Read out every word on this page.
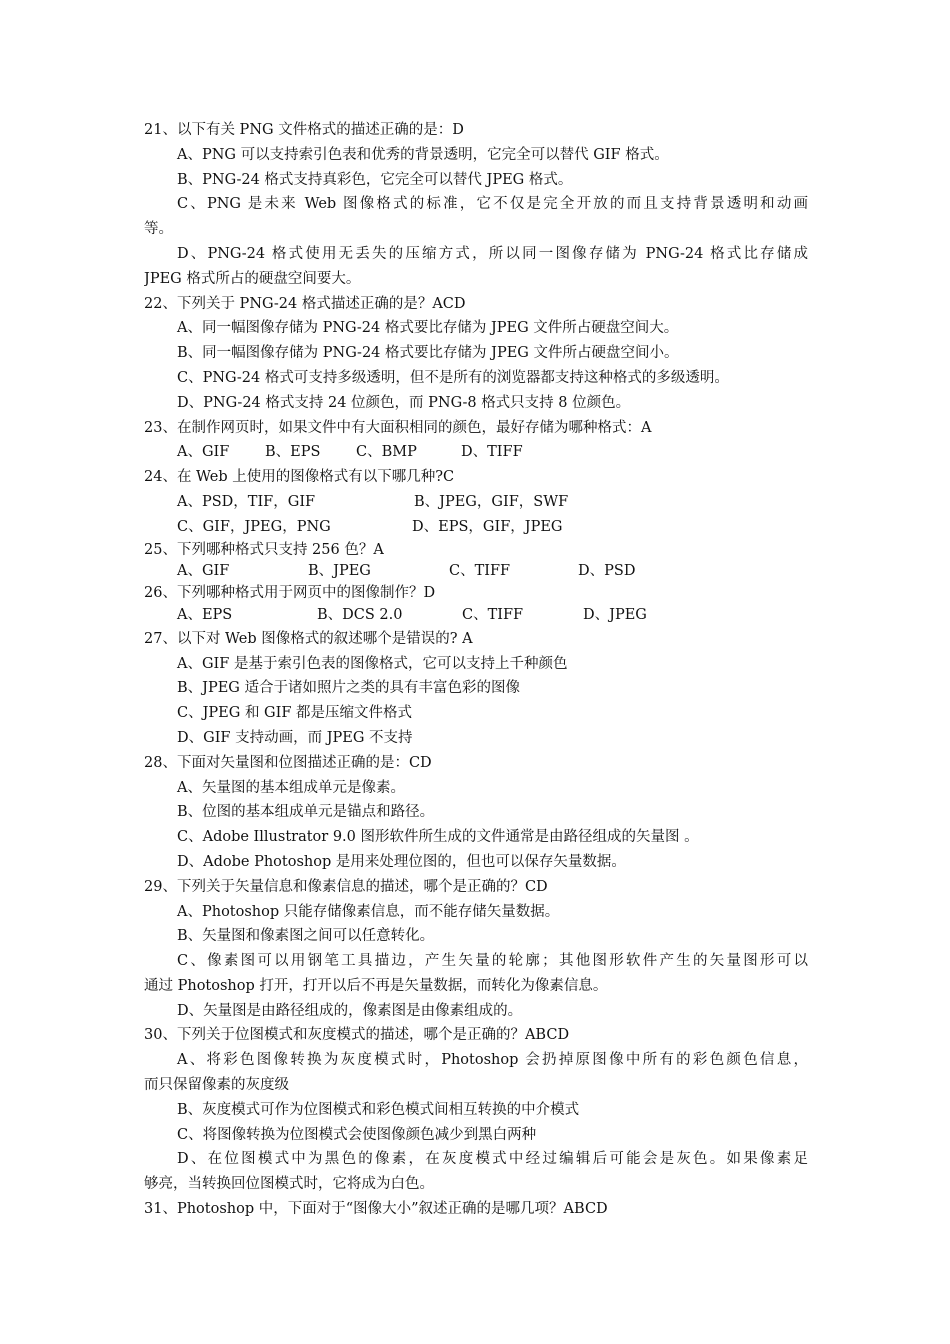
21、以下有关 PNG 文件格式的描述正确的是：D
A、PNG 可以支持索引色表和优秀的背景透明，它完全可以替代 GIF 格式。
B、PNG-24 格式支持真彩色，它完全可以替代 JPEG 格式。
C、PNG 是未来 Web 图像格式的标准，它不仅是完全开放的而且支持背景透明和动画
等。
D、PNG-24 格式使用无丢失的压缩方式，所以同一图像存储为 PNG-24 格式比存储成
JPEG 格式所占的硬盘空间要大。
22、下列关于 PNG-24 格式描述正确的是？ACD
A、同一幅图像存储为 PNG-24 格式要比存储为 JPEG 文件所占硬盘空间大。
B、同一幅图像存储为 PNG-24 格式要比存储为 JPEG 文件所占硬盘空间小。
C、PNG-24 格式可支持多级透明，但不是所有的浏览器都支持这种格式的多级透明。
D、PNG-24 格式支持 24 位颜色，而 PNG-8 格式只支持 8 位颜色。
23、在制作网页时，如果文件中有大面积相同的颜色，最好存储为哪种格式：A
A、GIF	B、EPS	C、BMP	D、TIFF
24、在 Web 上使用的图像格式有以下哪几种?C
A、PSD，TIF，GIF	B、JPEG，GIF，SWF
C、GIF，JPEG，PNG	D、EPS，GIF，JPEG
25、下列哪种格式只支持 256 色？A
A、GIF	B、JPEG	C、TIFF	D、PSD
26、下列哪种格式用于网页中的图像制作？D
A、EPS	B、DCS 2.0	C、TIFF	D、JPEG
27、以下对 Web 图像格式的叙述哪个是错误的? A
A、GIF 是基于索引色表的图像格式，它可以支持上千种颜色
B、JPEG 适合于诸如照片之类的具有丰富色彩的图像
C、JPEG 和 GIF 都是压缩文件格式
D、GIF 支持动画，而 JPEG 不支持
28、下面对矢量图和位图描述正确的是：CD
A、矢量图的基本组成单元是像素。
B、位图的基本组成单元是锚点和路径。
C、Adobe Illustrator 9.0 图形软件所生成的文件通常是由路径组成的矢量图 。
D、Adobe Photoshop 是用来处理位图的，但也可以保存矢量数据。
29、下列关于矢量信息和像素信息的描述，哪个是正确的？CD
A、Photoshop 只能存储像素信息，而不能存储矢量数据。
B、矢量图和像素图之间可以任意转化。
C、像素图可以用钢笔工具描边，产生矢量的轮廓；其他图形软件产生的矢量图形可以
通过 Photoshop 打开，打开以后不再是矢量数据，而转化为像素信息。
D、矢量图是由路径组成的，像素图是由像素组成的。
30、下列关于位图模式和灰度模式的描述，哪个是正确的？ABCD
A、将彩色图像转换为灰度模式时，Photoshop 会扔掉原图像中所有的彩色颜色信息，
而只保留像素的灰度级
B、灰度模式可作为位图模式和彩色模式间相互转换的中介模式
C、将图像转换为位图模式会使图像颜色减少到黑白两种
D、在位图模式中为黑色的像素，在灰度模式中经过编辑后可能会是灰色。如果像素足
够亮，当转换回位图模式时，它将成为白色。
31、Photoshop 中，下面对于“图像大小”叙述正确的是哪几项？ABCD
